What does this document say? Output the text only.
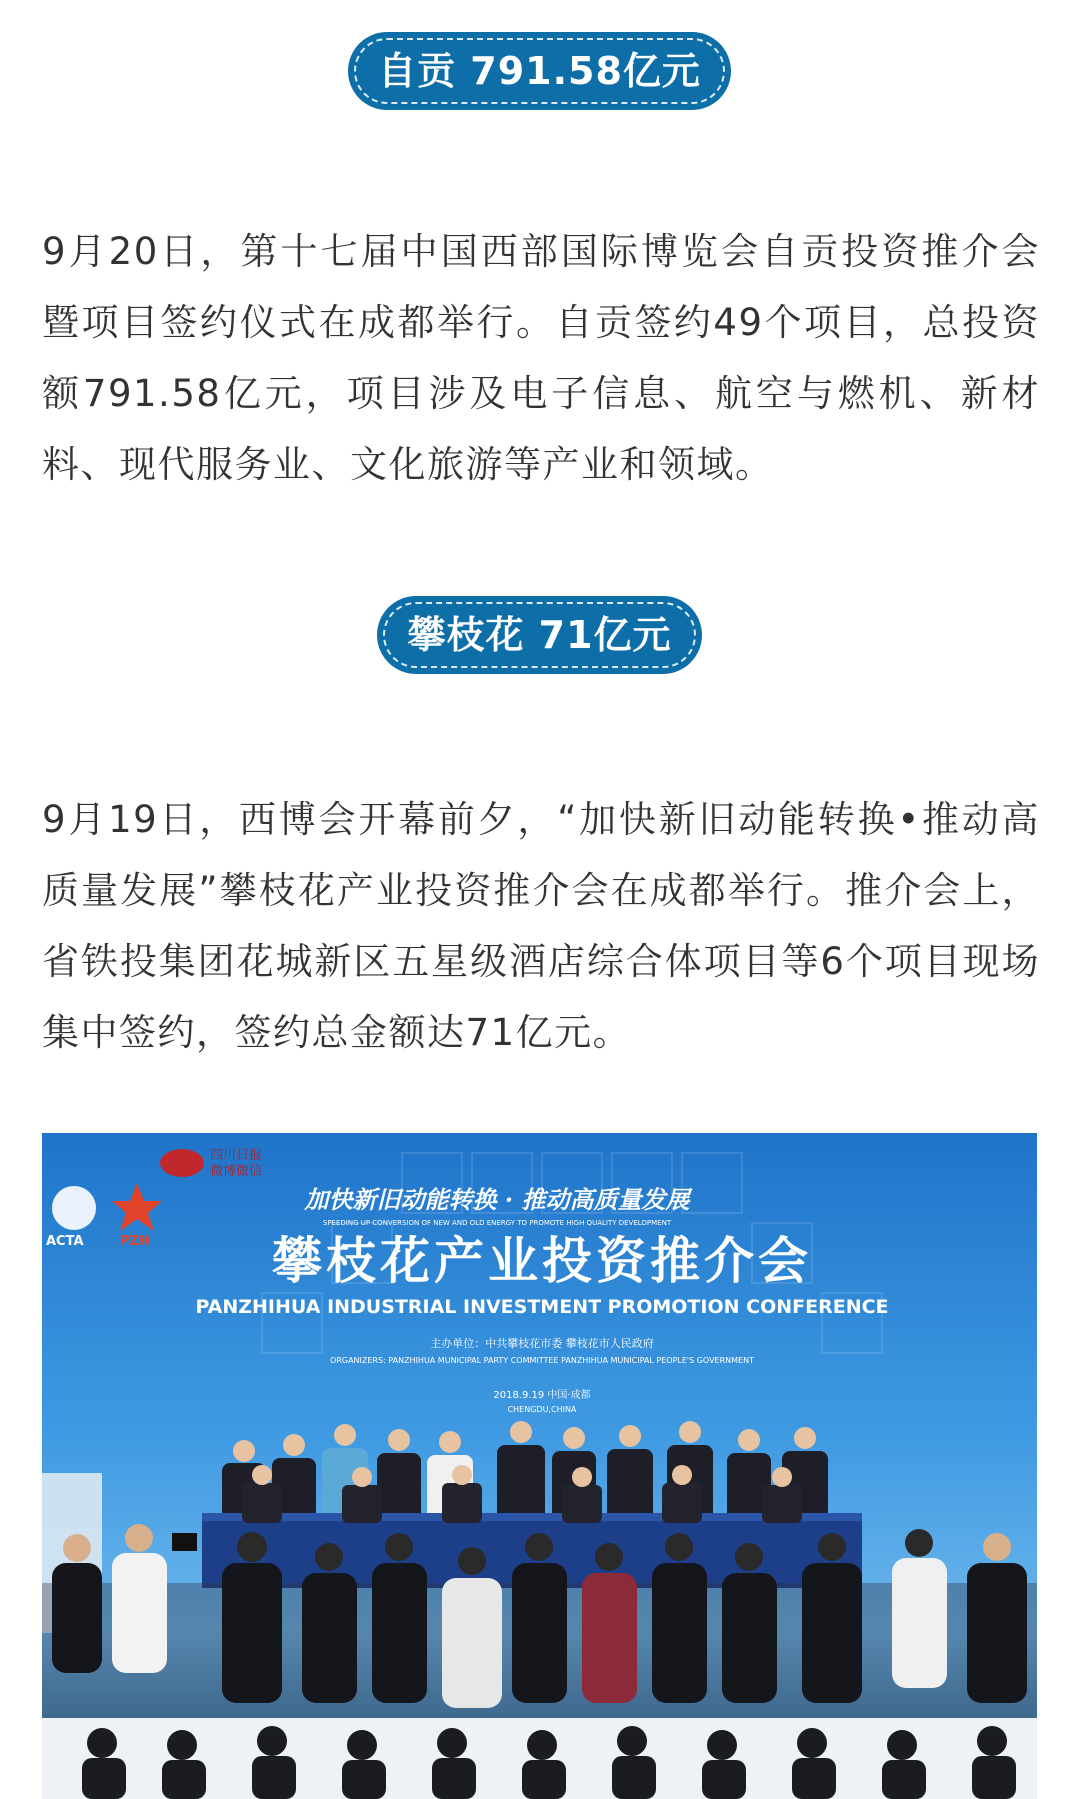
自贡 791.58亿元

9月20日，第十七届中国西部国际博览会自贡投资推介会暨项目签约仪式在成都举行。自贡签约49个项目，总投资额791.58亿元，项目涉及电子信息、航空与燃机、新材料、现代服务业、文化旅游等产业和领域。

攀枝花 71亿元

9月19日，西博会开幕前夕，“加快新旧动能转换•推动高质量发展”攀枝花产业投资推介会在成都举行。推介会上，省铁投集团花城新区五星级酒店综合体项目等6个项目现场集中签约，签约总金额达71亿元。

四川日报
微博微信
ACTA	PZH
加快新旧动能转换 · 推动高质量发展
SPEEDING UP CONVERSION OF NEW AND OLD ENERGY TO PROMOTE HIGH QUALITY DEVELOPMENT
攀枝花产业投资推介会
PANZHIHUA INDUSTRIAL INVESTMENT PROMOTION CONFERENCE
主办单位：中共攀枝花市委 攀枝花市人民政府
ORGANIZERS: PANZHIHUA MUNICIPAL PARTY COMMITTEE PANZHIHUA MUNICIPAL PEOPLE'S GOVERNMENT
2018.9.19 中国·成都
CHENGDU,CHINA
